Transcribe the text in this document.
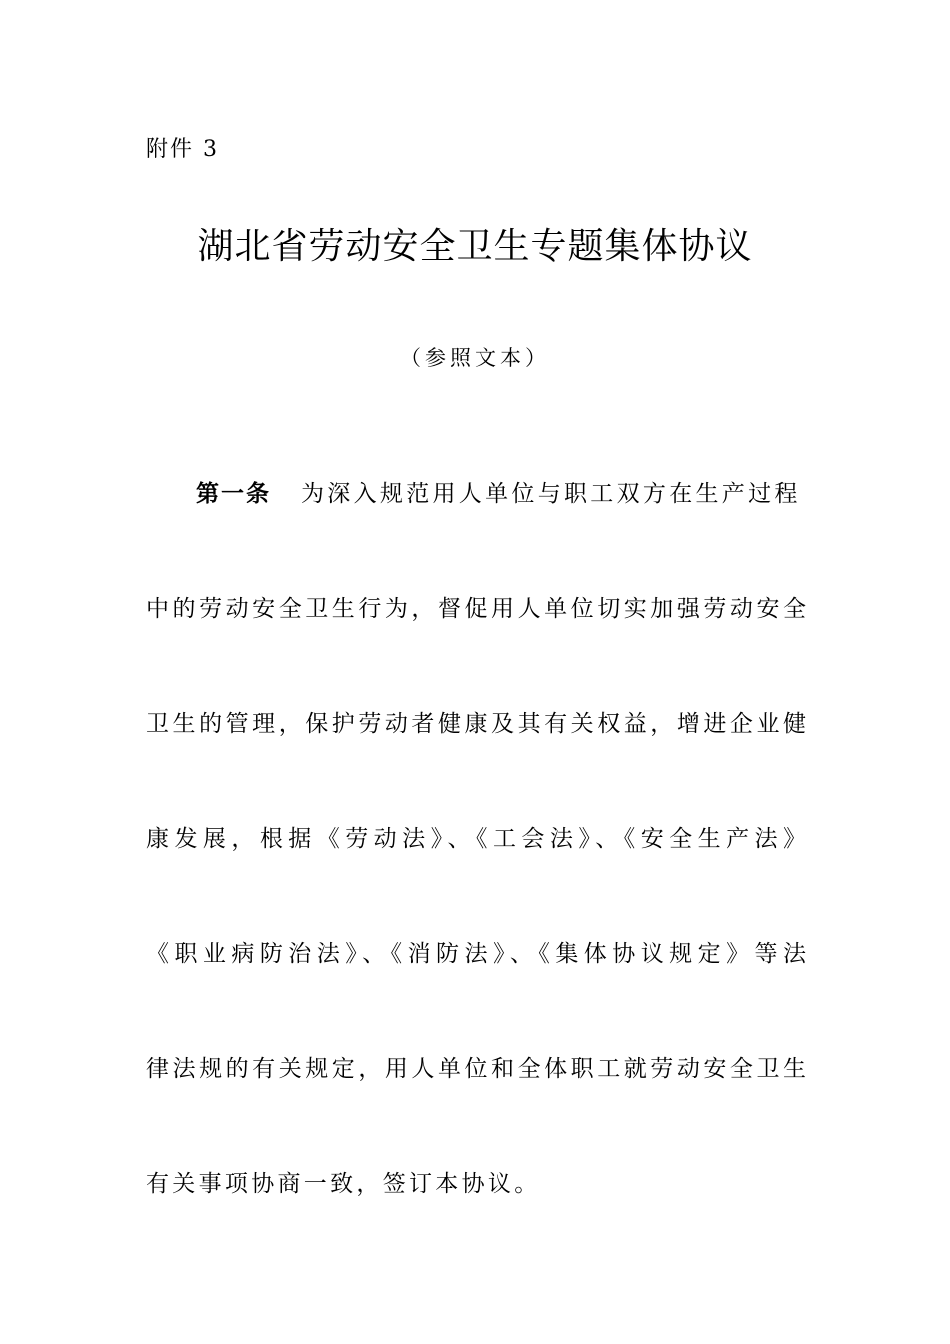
附件 3
湖北省劳动安全卫生专题集体协议
（参照文本）
第一条 为深入规范用人单位与职工双方在生产过程
中的劳动安全卫生行为，督促用人单位切实加强劳动安全
卫生的管理，保护劳动者健康及其有关权益，增进企业健
康发展，根据《劳动法》、《工会法》、《安全生产法》
《职业病防治法》、《消防法》、《集体协议规定》等法
律法规的有关规定，用人单位和全体职工就劳动安全卫生
有关事项协商一致，签订本协议。
